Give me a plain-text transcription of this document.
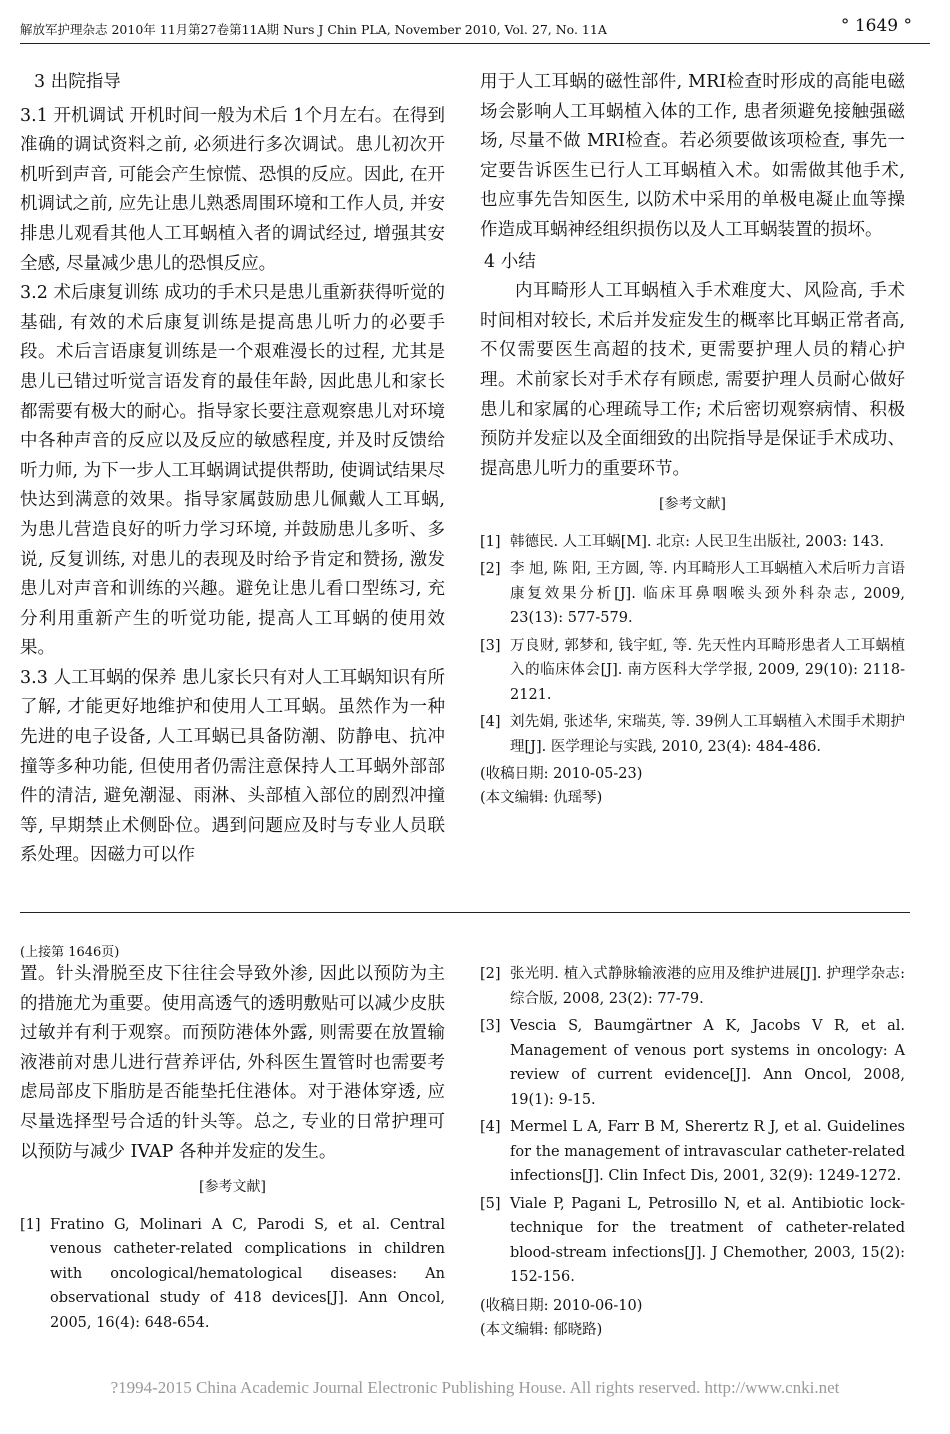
解放军护理杂志 2010年 11月第27卷第11A期 Nurs J Chin PLA, November 2010, Vol. 27, No. 11A	° 1649 °

3 出院指导

3.1 开机调试 开机时间一般为术后 1个月左右。在得到准确的调试资料之前, 必须进行多次调试。患儿初次开机听到声音, 可能会产生惊慌、恐惧的反应。因此, 在开机调试之前, 应先让患儿熟悉周围环境和工作人员, 并安排患儿观看其他人工耳蜗植入者的调试经过, 增强其安全感, 尽量减少患儿的恐惧反应。

3.2 术后康复训练 成功的手术只是患儿重新获得听觉的基础, 有效的术后康复训练是提高患儿听力的必要手段。术后言语康复训练是一个艰难漫长的过程, 尤其是患儿已错过听觉言语发育的最佳年龄, 因此患儿和家长都需要有极大的耐心。指导家长要注意观察患儿对环境中各种声音的反应以及反应的敏感程度, 并及时反馈给听力师, 为下一步人工耳蜗调试提供帮助, 使调试结果尽快达到满意的效果。指导家属鼓励患儿佩戴人工耳蜗, 为患儿营造良好的听力学习环境, 并鼓励患儿多听、多说, 反复训练, 对患儿的表现及时给予肯定和赞扬, 激发患儿对声音和训练的兴趣。避免让患儿看口型练习, 充分利用重新产生的听觉功能, 提高人工耳蜗的使用效果。

3.3 人工耳蜗的保养 患儿家长只有对人工耳蜗知识有所了解, 才能更好地维护和使用人工耳蜗。虽然作为一种先进的电子设备, 人工耳蜗已具备防潮、防静电、抗冲撞等多种功能, 但使用者仍需注意保持人工耳蜗外部部件的清洁, 避免潮湿、雨淋、头部植入部位的剧烈冲撞等, 早期禁止术侧卧位。遇到问题应及时与专业人员联系处理。因磁力可以作

用于人工耳蜗的磁性部件, MRI检查时形成的高能电磁场会影响人工耳蜗植入体的工作, 患者须避免接触强磁场, 尽量不做 MRI检查。若必须要做该项检查, 事先一定要告诉医生已行人工耳蜗植入术。如需做其他手术, 也应事先告知医生, 以防术中采用的单极电凝止血等操作造成耳蜗神经组织损伤以及人工耳蜗装置的损坏。

4 小结

内耳畸形人工耳蜗植入手术难度大、风险高, 手术时间相对较长, 术后并发症发生的概率比耳蜗正常者高, 不仅需要医生高超的技术, 更需要护理人员的精心护理。术前家长对手术存有顾虑, 需要护理人员耐心做好患儿和家属的心理疏导工作; 术后密切观察病情、积极预防并发症以及全面细致的出院指导是保证手术成功、提高患儿听力的重要环节。

[参考文献]
[1] 韩德民. 人工耳蜗[M]. 北京: 人民卫生出版社, 2003: 143.
[2] 李 旭, 陈 阳, 王方圆, 等. 内耳畸形人工耳蜗植入术后听力言语康复效果分析[J]. 临床耳鼻咽喉头颈外科杂志, 2009, 23(13): 577-579.
[3] 万良财, 郭梦和, 钱宇虹, 等. 先天性内耳畸形患者人工耳蜗植入的临床体会[J]. 南方医科大学学报, 2009, 29(10): 2118-2121.
[4] 刘先娟, 张述华, 宋瑞英, 等. 39例人工耳蜗植入术围手术期护理[J]. 医学理论与实践, 2010, 23(4): 484-486.

(收稿日期: 2010-05-23)

(本文编辑: 仇瑶琴)

(上接第 1646页)

置。针头滑脱至皮下往往会导致外渗, 因此以预防为主的措施尤为重要。使用高透气的透明敷贴可以减少皮肤过敏并有利于观察。而预防港体外露, 则需要在放置输液港前对患儿进行营养评估, 外科医生置管时也需要考虑局部皮下脂肪是否能垫托住港体。对于港体穿透, 应尽量选择型号合适的针头等。总之, 专业的日常护理可以预防与减少 IVAP 各种并发症的发生。

[参考文献]
[1] Fratino G, Molinari A C, Parodi S, et al. Central venous catheter-related complications in children with oncological/hematological diseases: An observational study of 418 devices[J]. Ann Oncol, 2005, 16(4): 648-654.
[2] 张光明. 植入式静脉输液港的应用及维护进展[J]. 护理学杂志: 综合版, 2008, 23(2): 77-79.
[3] Vescia S, Baumgärtner A K, Jacobs V R, et al. Management of venous port systems in oncology: A review of current evidence[J]. Ann Oncol, 2008, 19(1): 9-15.
[4] Mermel L A, Farr B M, Sherertz R J, et al. Guidelines for the management of intravascular catheter-related infections[J]. Clin Infect Dis, 2001, 32(9): 1249-1272.
[5] Viale P, Pagani L, Petrosillo N, et al. Antibiotic lock-technique for the treatment of catheter-related blood-stream infections[J]. J Chemother, 2003, 15(2): 152-156.

(收稿日期: 2010-06-10)

(本文编辑: 郁晓路)

?1994-2015 China Academic Journal Electronic Publishing House. All rights reserved. http://www.cnki.net
